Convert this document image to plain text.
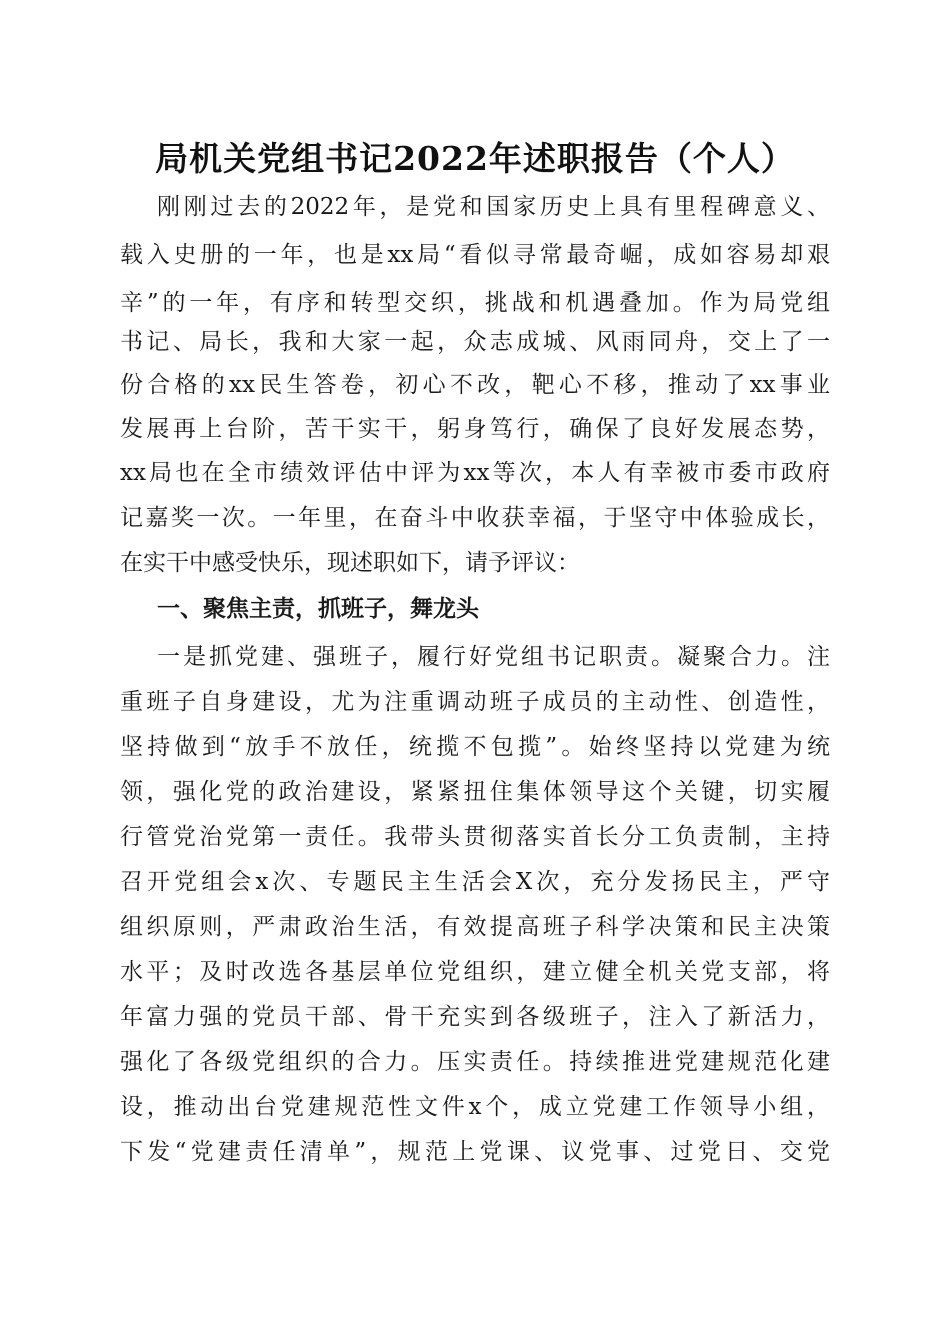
局机关党组书记2022年述职报告（个人）
刚刚过去的2022年，是党和国家历史上具有里程碑意义、
载入史册的一年，也是xx局“看似寻常最奇崛，成如容易却艰
辛”的一年，有序和转型交织，挑战和机遇叠加。作为局党组
书记、局长，我和大家一起，众志成城、风雨同舟，交上了一
份合格的xx民生答卷，初心不改，靶心不移，推动了xx事业
发展再上台阶，苦干实干，躬身笃行，确保了良好发展态势，
xx局也在全市绩效评估中评为xx等次，本人有幸被市委市政府
记嘉奖一次。一年里，在奋斗中收获幸福，于坚守中体验成长，
在实干中感受快乐，现述职如下，请予评议：
一、聚焦主责，抓班子，舞龙头
一是抓党建、强班子，履行好党组书记职责。凝聚合力。注
重班子自身建设，尤为注重调动班子成员的主动性、创造性，
坚持做到“放手不放任，统揽不包揽”。始终坚持以党建为统
领，强化党的政治建设，紧紧扭住集体领导这个关键，切实履
行管党治党第一责任。我带头贯彻落实首长分工负责制，主持
召开党组会x次、专题民主生活会X次，充分发扬民主，严守
组织原则，严肃政治生活，有效提高班子科学决策和民主决策
水平；及时改选各基层单位党组织，建立健全机关党支部，将
年富力强的党员干部、骨干充实到各级班子，注入了新活力，
强化了各级党组织的合力。压实责任。持续推进党建规范化建
设，推动出台党建规范性文件x个，成立党建工作领导小组，
下发“党建责任清单”，规范上党课、议党事、过党日、交党
